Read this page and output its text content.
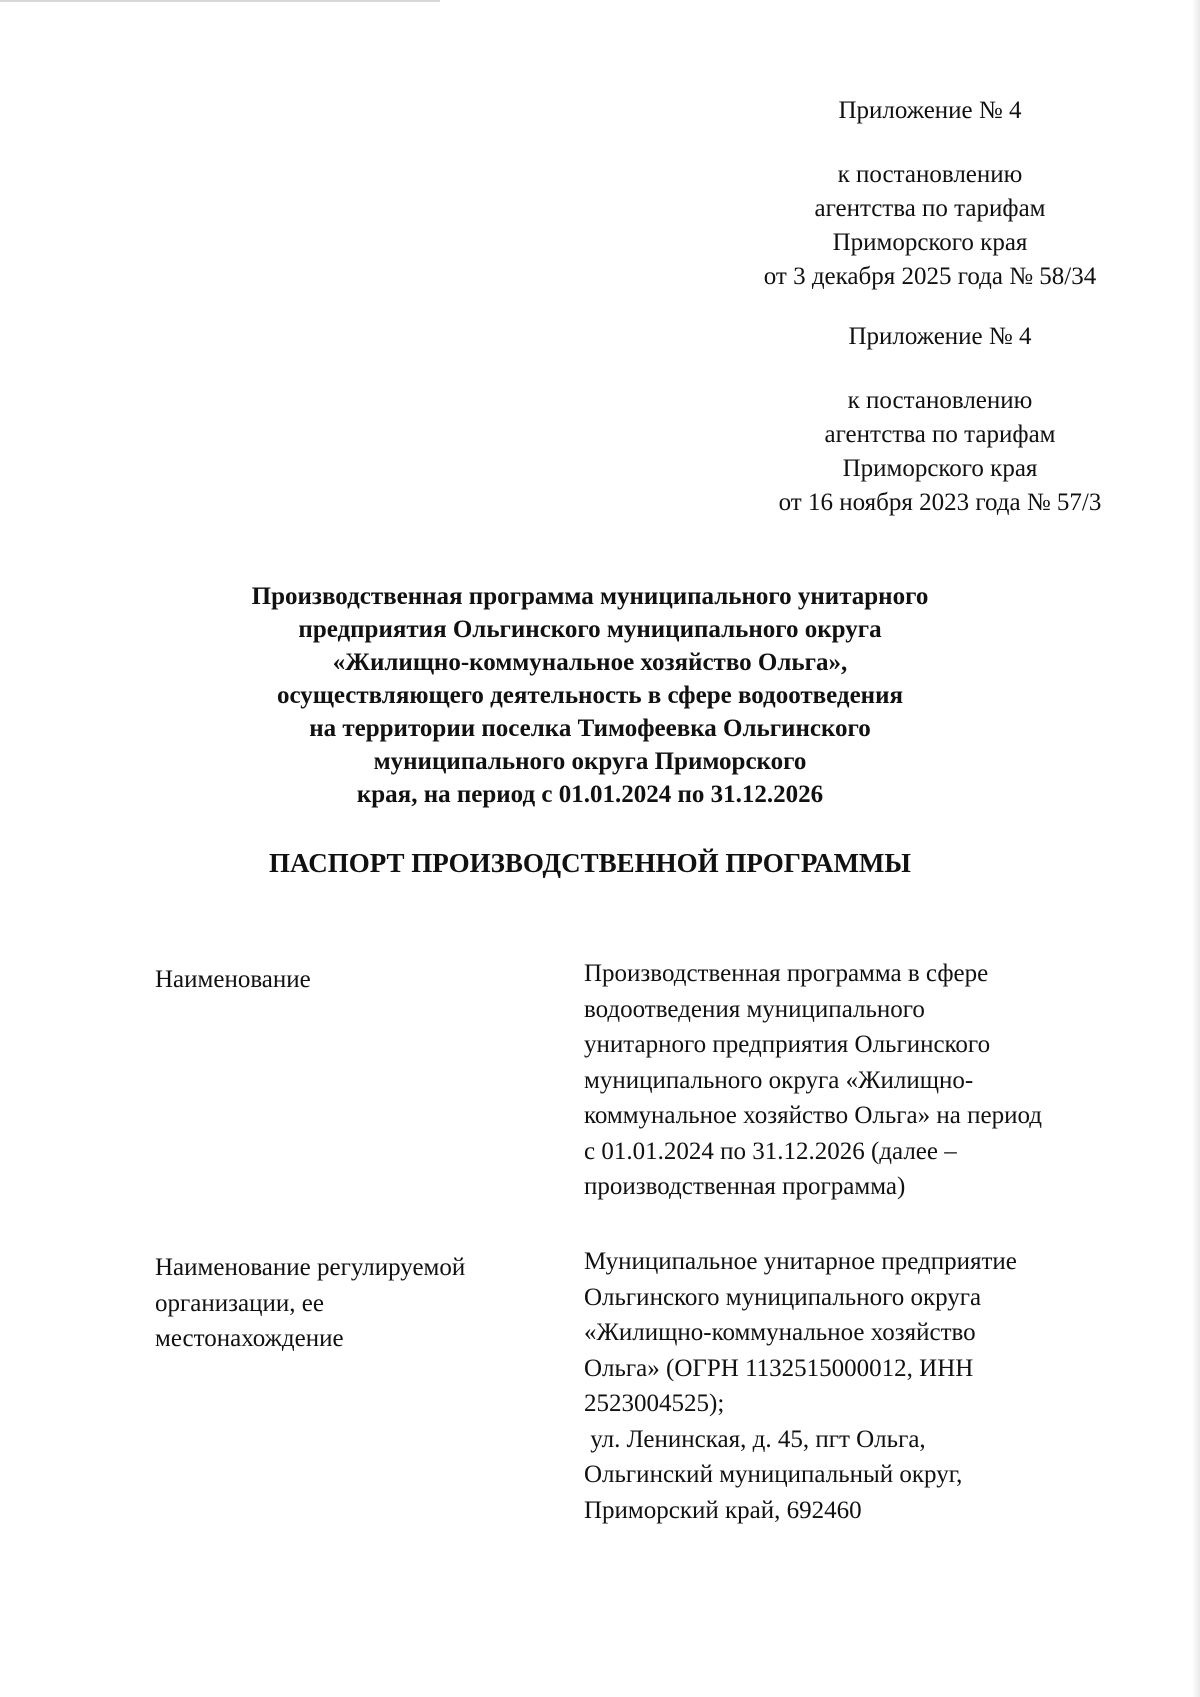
Приложение № 4

к постановлению

агентства по тарифам

Приморского края

от 3 декабря 2025 года № 58/34

Приложение № 4

к постановлению

агентства по тарифам

Приморского края

от 16 ноября 2023 года № 57/3

Производственная программа муниципального унитарного

предприятия Ольгинского муниципального округа

«Жилищно-коммунальное хозяйство Ольга»,

осуществляющего деятельность в сфере водоотведения

на территории поселка Тимофеевка Ольгинского

муниципального округа Приморского

края, на период с 01.01.2024 по 31.12.2026

ПАСПОРТ ПРОИЗВОДСТВЕННОЙ ПРОГРАММЫ

Наименование	Производственная программа в сфере

водоотведения муниципального

унитарного предприятия Ольгинского

муниципального округа «Жилищно-

коммунальное хозяйство Ольга» на период

с 01.01.2024 по 31.12.2026 (далее –

производственная программа)

Наименование регулируемой

организации, ее

местонахождение

Муниципальное унитарное предприятие

Ольгинского муниципального округа

«Жилищно-коммунальное хозяйство

Ольга» (ОГРН 1132515000012, ИНН

2523004525);

ул. Ленинская, д. 45, пгт Ольга,

Ольгинский муниципальный округ,

Приморский край, 692460
